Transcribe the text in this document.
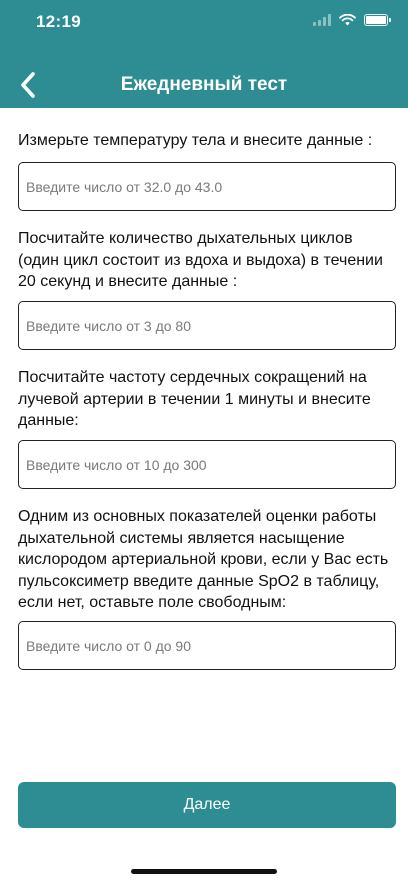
12:19
Ежедневный тест
Измерьте температуру тела и внесите данные :
Введите число от 32.0 до 43.0
Посчитайте количество дыхательных циклов (один цикл состоит из вдоха и выдоха) в течении 20 секунд и внесите данные :
Введите число от 3 до 80
Посчитайте частоту сердечных сокращений на лучевой артерии в течении 1 минуты и внесите данные:
Введите число от 10 до 300
Одним из основных показателей оценки работы дыхательной системы является насыщение кислородом артериальной крови, если у Вас есть пульсоксиметр введите данные SpO2 в таблицу, если нет, оставьте поле свободным:
Введите число от 0 до 90
Далее
